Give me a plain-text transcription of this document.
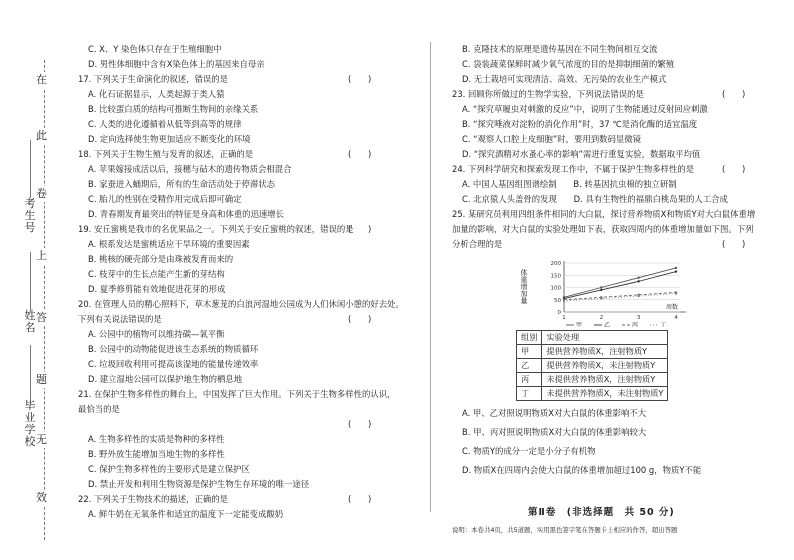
在
此
卷
上
答
题
无
效
考生号
姓名
毕业学校
C. X、Y 染色体只存在于生殖细胞中
D. 男性体细胞中含有X染色体上的基因来自母亲
17. 下列关于生命演化的叙述，错误的是	(　　)
A. 化石证据显示，人类起源于类人猿
B. 比较蛋白质的结构可推断生物间的亲缘关系
C. 人类的进化遵循着从低等到高等的规律
D. 定向选择使生物更加适应不断变化的环境
18. 下列关于生物生殖与发育的叙述，正确的是	(　　)
A. 苹果嫁接成活以后，接穗与砧木的遗传物质会相混合
B. 家蚕进入蛹期后，所有的生命活动处于停滞状态
C. 胎儿的性别在受精作用完成后即可确定
D. 青春期发育最突出的特征是身高和体重的迅速增长
19. 安丘蜜桃是我市的名优果品之一。下列关于安丘蜜桃的叙述，错误的是
(　　)
A. 根系发达是蜜桃适应干旱环境的重要因素
B. 桃核的硬壳部分是由珠被发育而来的
C. 枝芽中的生长点能产生新的芽结构
D. 夏季修剪能有效地促进花芽的形成
20. 在管理人员的精心照料下，草木葱茏的白浪河湿地公园成为人们休闲小憩的好去处。
下列有关说法错误的是	(　　)
A. 公园中的植物可以维持碳—氧平衡
B. 公园中的动物能促进该生态系统的物质循环
C. 垃圾回收利用可提高该湿地的能量传递效率
D. 建立湿地公园可以保护地生物的栖息地
21. 在保护生物多样性的舞台上，中国发挥了巨大作用。下列关于生物多样性的认识，
最恰当的是
(　　)
A. 生物多样性的实质是物种的多样性
B. 野外放生能增加当地生物的多样性
C. 保护生物多样性的主要形式是建立保护区
D. 禁止开发和利用生物资源是保护生物生存环境的唯一途径
22. 下列关于生物技术的描述，正确的是	(　　)
A. 鲜牛奶在无氧条件和适宜的温度下一定能变成酸奶
B. 克隆技术的原理是遗传基因在不同生物间相互交流
C. 袋装蔬菜保鲜时减少氧气浓度的目的是抑制细菌的繁殖
D. 无土栽培可实现清洁、高效、无污染的农业生产模式
23. 回顾你所做过的生物学实验，下列说法错误的是	(　　)
A. “探究草履虫对刺激的反应”中，说明了生物能通过反射回应刺激
B. “探究唾液对淀粉的消化作用”时，37 ℃是消化酶的适宜温度
C. “观察人口腔上皮细胞”时，要用到数码显微镜
D. “探究酒精对水蚤心率的影响”需进行重复实验，数据取平均值
24. 下列科学研究和探索发现工作中，不属于保护生物多样性的是	(　　)
A. 中国人基因组图谱绘制　　B. 转基因抗虫棉的独立研制
C. 北京猿人头盖骨的发现　　D. 具有生物性的福鼎白桃岛果的人工合成
25. 某研究员利用四组条件相同的大白鼠，探讨营养物质X和物质Y对大白鼠体重增
加量的影响，对大白鼠的实验处理如下表，获取四周内的体重增加量如下图。下列
分析合理的是	(　　)
体重增加量
0
50
100
150
200
1	2	3	4
周数
甲	乙	丙	丁
组别	实验处理
甲	提供营养物质X，注射物质Y
乙	提供营养物质X，未注射物质Y
丙	未提供营养物质X，注射物质Y
丁	未提供营养物质X，未注射物质Y
A. 甲、乙对照说明物质X对大白鼠的体重影响不大
B. 甲、丙对照说明物质X对大白鼠的体重影响较大
C. 物质Y的成分一定是小分子有机物
D. 物质X在四周内会使大白鼠的体重增加超过100 g，物质Y不能
第Ⅱ卷　(非选择题　共 50 分)
说明：本卷共4页，共5道题，实用黑色签字笔在答题卡上相应的作答，超出答题
